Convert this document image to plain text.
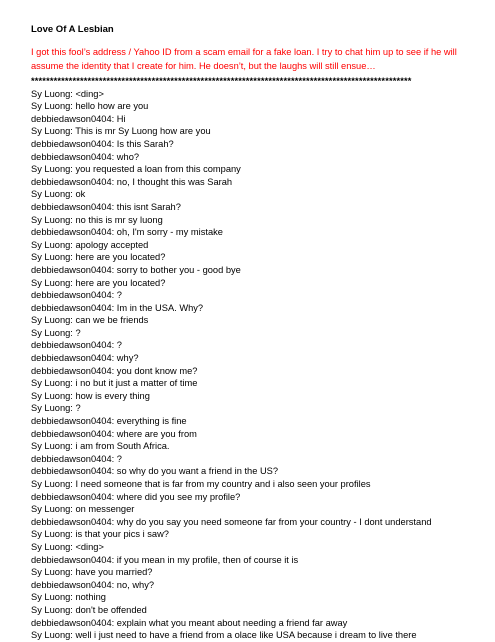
Love Of A Lesbian

I got this fool’s address / Yahoo ID from a scam email for a fake loan. I try to chat him up to see if he will assume the identity that I create for him. He doesn’t, but the laughs will still ensue…

*****************************************************************************************************
Sy Luong: <ding>
Sy Luong: hello how are you
debbiedawson0404: Hi
Sy Luong: This is mr Sy Luong how are you
debbiedawson0404: Is this Sarah?
debbiedawson0404: who?
Sy Luong: you requested a loan from this company
debbiedawson0404: no, I thought this was Sarah
Sy Luong: ok
debbiedawson0404: this isnt Sarah?
Sy Luong: no this is mr sy luong
debbiedawson0404: oh, I'm sorry - my mistake
Sy Luong: apology accepted
Sy Luong: here are you located?
debbiedawson0404: sorry to bother you - good bye
Sy Luong: here are you located?
debbiedawson0404: ?
debbiedawson0404: Im in the USA. Why?
Sy Luong: can we be friends
Sy Luong: ?
debbiedawson0404: ?
debbiedawson0404: why?
debbiedawson0404: you dont know me?
Sy Luong: i no but it just a matter of time
Sy Luong: how is every thing
Sy Luong: ?
debbiedawson0404: everything is fine
debbiedawson0404: where are you from
Sy Luong: i am from South Africa.
debbiedawson0404: ?
debbiedawson0404: so why do you want a friend in the US?
Sy Luong: I need someone that is far from my country and i also seen your profiles
debbiedawson0404: where did you see my profile?
Sy Luong: on messenger
debbiedawson0404: why do you say you need someone far from your country - I dont understand
Sy Luong: is that your pics i saw?
Sy Luong: <ding>
debbiedawson0404: if you mean in my profile, then of course it is
Sy Luong: have you married?
debbiedawson0404: no, why?
Sy Luong: nothing
Sy Luong: don't be offended
debbiedawson0404: explain what you meant about needing a friend far away
Sy Luong: well i just need to have a friend from a olace like USA because i dream to live there
